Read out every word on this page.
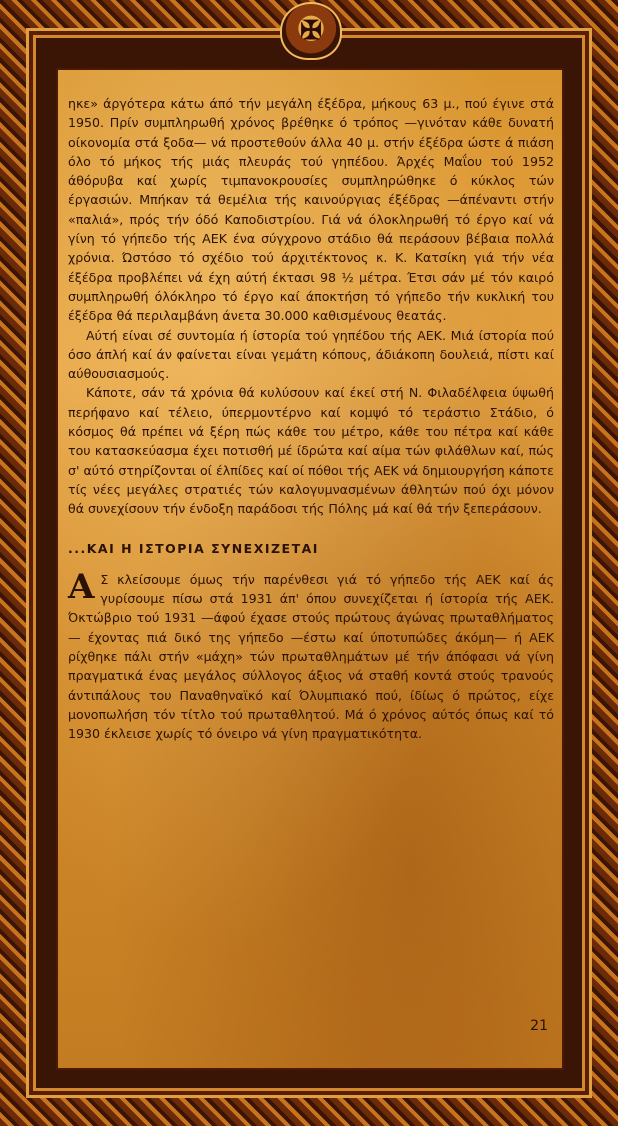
✠

ηκε» άργότερα κάτω άπό τήν μεγάλη έξέδρα, μήκους 63 μ., πού έγινε στά 1950. Πρίν συμπληρωθή χρόνος βρέθηκε ό τρόπος —γινόταν κάθε δυνατή οίκονομία στά ξοδα— νά προστεθούν άλλα 40 μ. στήν έξέδρα ώστε ά πιάση όλο τό μήκος τής μιάς πλευράς τού γηπέδου. Άρχές Μαΐου τού 1952 άθόρυβα καί χωρίς τιμπανοκρουσίες συμπληρώθηκε ό κύκλος τών έργασιών. Μπήκαν τά θεμέλια τής καινούργιας έξέδρας —άπέναντι στήν «παλιά», πρός τήν όδό Καποδιστρίου. Γιά νά όλοκληρωθή τό έργο καί νά γίνη τό γήπεδο τής ΑΕΚ ένα σύγχρονο στάδιο θά περάσουν βέβαια πολλά χρόνια. Ώστόσο τό σχέδιο τού άρχιτέκτονος κ. Κ. Κατσίκη γιά τήν νέα έξέδρα προβλέπει νά έχη αύτή έκτασι 98 ½ μέτρα. Έτσι σάν μέ τόν καιρό συμπληρωθή όλόκληρο τό έργο καί άποκτήση τό γήπεδο τήν κυκλική του έξέδρα θά περιλαμβάνη άνετα 30.000 καθισμένους θεατάς.

Αύτή είναι σέ συντομία ή ίστορία τού γηπέδου τής ΑΕΚ. Μιά ίστορία πού όσο άπλή καί άν φαίνεται είναι γεμάτη κόπους, άδιάκοπη δουλειά, πίστι καί αύθουσιασμούς.

Κάποτε, σάν τά χρόνια θά κυλύσουν καί έκεί στή Ν. Φιλαδέλφεια ύψωθή περήφανο καί τέλειο, ύπερμοντέρνο καί κομψό τό τεράστιο Στάδιο, ό κόσμος θά πρέπει νά ξέρη πώς κάθε του μέτρο, κάθε του πέτρα καί κάθε του κατασκεύασμα έχει ποτισθή μέ ίδρώτα καί αίμα τών φιλάθλων καί, πώς σ' αύτό στηρίζονται οί έλπίδες καί οί πόθοι τής ΑΕΚ νά δημιουργήση κάποτε τίς νέες μεγάλες στρατιές τών καλογυμνασμένων άθλητών πού όχι μόνον θά συνεχίσουν τήν ένδοξη παράδοσι τής Πόλης μά καί θά τήν ξεπεράσουν.

...ΚΑΙ Η ΙΣΤΟΡΙΑ ΣΥΝΕΧΙΖΕΤΑΙ

Α Σ κλείσουμε όμως τήν παρένθεσι γιά τό γήπεδο τής ΑΕΚ καί άς γυρίσουμε πίσω στά 1931 άπ' όπου συνεχίζεται ή ίστορία τής ΑΕΚ. Όκτώβριο τού 1931 —άφού έχασε στούς πρώτους άγώνας πρωταθλήματος— έχοντας πιά δικό της γήπεδο —έστω καί ύποτυπώδες άκόμη— ή ΑΕΚ ρίχθηκε πάλι στήν «μάχη» τών πρωταθλημάτων μέ τήν άπόφασι νά γίνη πραγματικά ένας μεγάλος σύλλογος άξιος νά σταθή κοντά στούς τρανούς άντιπάλους του Παναθηναϊκό καί Όλυμπιακό πού, ίδίως ό πρώτος, είχε μονοπωλήση τόν τίτλο τού πρωταθλητού. Μά ό χρόνος αύτός όπως καί τό 1930 έκλεισε χωρίς τό όνειρο νά γίνη πραγματικότητα.

21
